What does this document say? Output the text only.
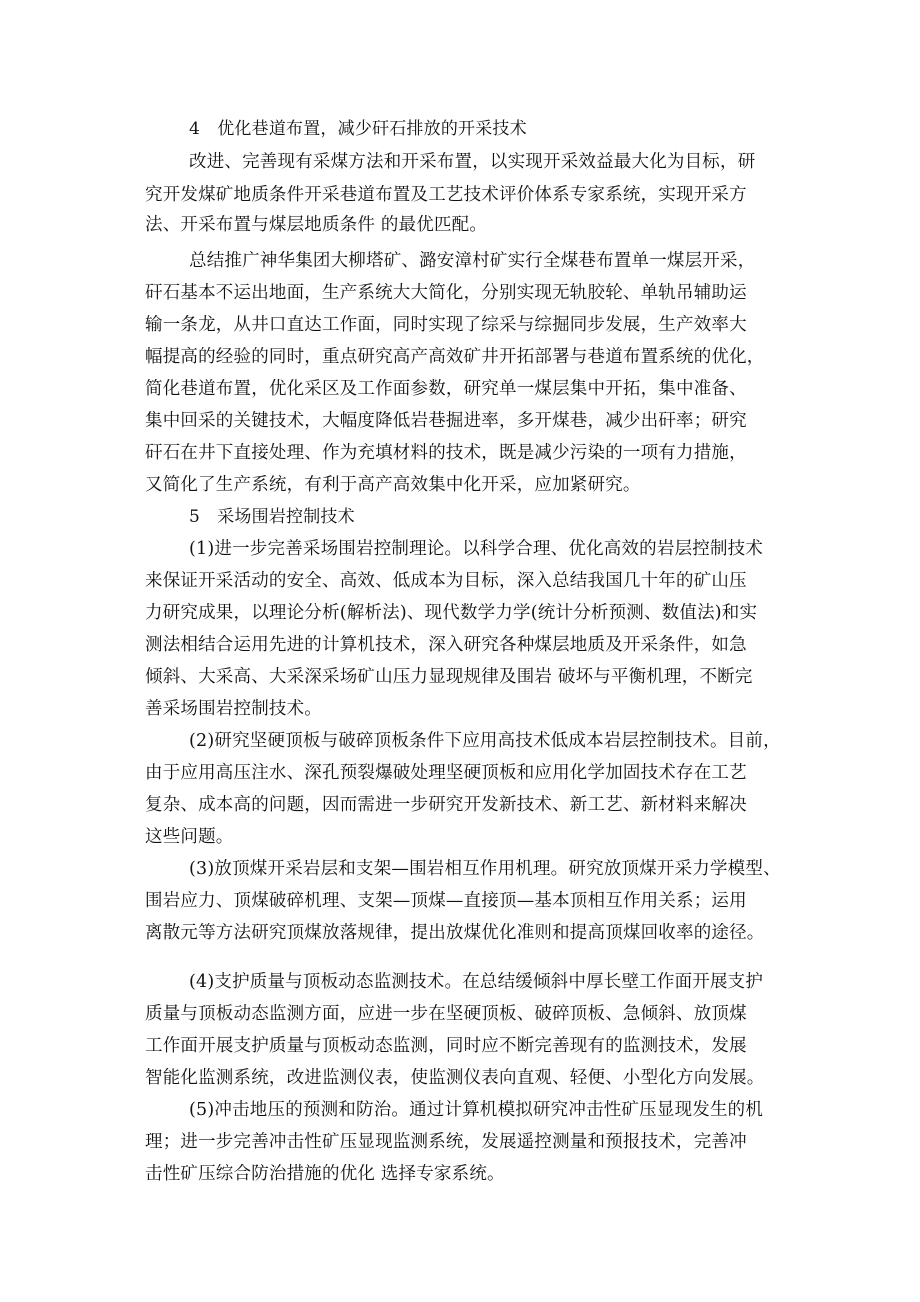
4　优化巷道布置，减少矸石排放的开采技术
改进、完善现有采煤方法和开采布置，以实现开采效益最大化为目标，研
究开发煤矿地质条件开采巷道布置及工艺技术评价体系专家系统，实现开采方
法、开采布置与煤层地质条件 的最优匹配。
总结推广神华集团大柳塔矿、潞安漳村矿实行全煤巷布置单一煤层开采，
矸石基本不运出地面，生产系统大大简化，分别实现无轨胶轮、单轨吊辅助运
输一条龙，从井口直达工作面，同时实现了综采与综掘同步发展，生产效率大
幅提高的经验的同时，重点研究高产高效矿井开拓部署与巷道布置系统的优化，
简化巷道布置，优化采区及工作面参数，研究单一煤层集中开拓，集中准备、
集中回采的关键技术，大幅度降低岩巷掘进率，多开煤巷，减少出矸率；研究
矸石在井下直接处理、作为充填材料的技术，既是减少污染的一项有力措施，
又简化了生产系统，有利于高产高效集中化开采，应加紧研究。
5　采场围岩控制技术
(1)进一步完善采场围岩控制理论。以科学合理、优化高效的岩层控制技术
来保证开采活动的安全、高效、低成本为目标，深入总结我国几十年的矿山压
力研究成果，以理论分析(解析法)、现代数学力学(统计分析预测、数值法)和实
测法相结合运用先进的计算机技术，深入研究各种煤层地质及开采条件，如急
倾斜、大采高、大采深采场矿山压力显现规律及围岩 破坏与平衡机理，不断完
善采场围岩控制技术。
(2)研究坚硬顶板与破碎顶板条件下应用高技术低成本岩层控制技术。目前，
由于应用高压注水、深孔预裂爆破处理坚硬顶板和应用化学加固技术存在工艺
复杂、成本高的问题，因而需进一步研究开发新技术、新工艺、新材料来解决
这些问题。
(3)放顶煤开采岩层和支架—围岩相互作用机理。研究放顶煤开采力学模型、
围岩应力、顶煤破碎机理、支架—顶煤—直接顶—基本顶相互作用关系；运用
离散元等方法研究顶煤放落规律，提出放煤优化准则和提高顶煤回收率的途径。
(4)支护质量与顶板动态监测技术。在总结缓倾斜中厚长壁工作面开展支护
质量与顶板动态监测方面，应进一步在坚硬顶板、破碎顶板、急倾斜、放顶煤
工作面开展支护质量与顶板动态监测，同时应不断完善现有的监测技术，发展
智能化监测系统，改进监测仪表，使监测仪表向直观、轻便、小型化方向发展。
(5)冲击地压的预测和防治。通过计算机模拟研究冲击性矿压显现发生的机
理；进一步完善冲击性矿压显现监测系统，发展遥控测量和预报技术，完善冲
击性矿压综合防治措施的优化 选择专家系统。
